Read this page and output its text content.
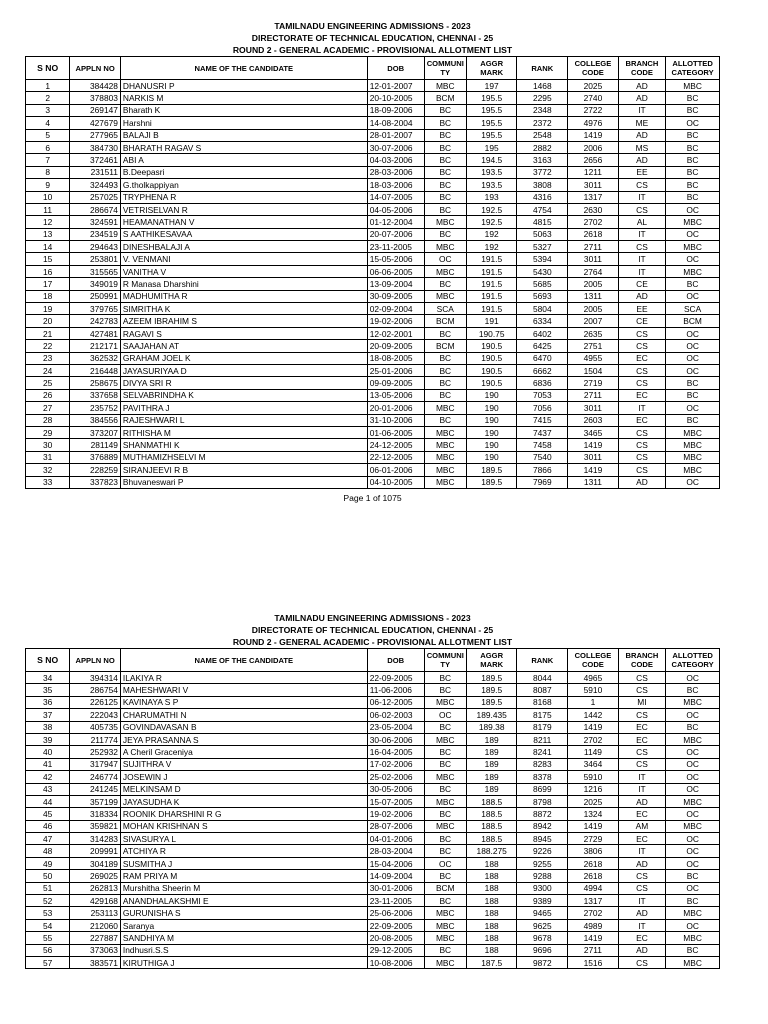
TAMILNADU ENGINEERING ADMISSIONS - 2023
DIRECTORATE OF TECHNICAL EDUCATION, CHENNAI - 25
ROUND 2 - GENERAL ACADEMIC - PROVISIONAL ALLOTMENT LIST
S NO	APPLN NO	NAME OF THE CANDIDATE	DOB	COMMUNI TY	AGGR MARK	RANK	COLLEGE CODE	BRANCH CODE	ALLOTTED CATEGORY
1	384428	DHANUSRI P	12-01-2007	MBC	197	1468	2025	AD	MBC
2	378803	NARKIS M	20-10-2005	BCM	195.5	2295	2740	AD	BC
3	269147	Bharath K	18-09-2006	BC	195.5	2348	2722	IT	BC
4	427679	Harshni	14-08-2004	BC	195.5	2372	4976	ME	OC
5	277965	BALAJI B	28-01-2007	BC	195.5	2548	1419	AD	BC
6	384730	BHARATH RAGAV S	30-07-2006	BC	195	2882	2006	MS	BC
7	372461	ABI A	04-03-2006	BC	194.5	3163	2656	AD	BC
8	231511	B.Deepasri	28-03-2006	BC	193.5	3772	1211	EE	BC
9	324493	G.tholkappiyan	18-03-2006	BC	193.5	3808	3011	CS	BC
10	257025	TRYPHENA R	14-07-2005	BC	193	4316	1317	IT	BC
11	286674	VETRISELVAN R	04-05-2006	BC	192.5	4754	2630	CS	OC
12	324591	HEAMANATHAN V	01-12-2004	MBC	192.5	4815	2702	AL	MBC
13	234519	S AATHIKESAVAA	20-07-2006	BC	192	5063	2618	IT	OC
14	294643	DINESHBALAJI A	23-11-2005	MBC	192	5327	2711	CS	MBC
15	253801	V. VENMANI	15-05-2006	OC	191.5	5394	3011	IT	OC
16	315565	VANITHA V	06-06-2005	MBC	191.5	5430	2764	IT	MBC
17	349019	R Manasa Dharshini	13-09-2004	BC	191.5	5685	2005	CE	BC
18	250991	MADHUMITHA R	30-09-2005	MBC	191.5	5693	1311	AD	OC
19	379765	SIMRITHA K	02-09-2004	SCA	191.5	5804	2005	EE	SCA
20	242783	AZEEM IBRAHIM S	19-02-2006	BCM	191	6334	2007	CE	BCM
21	427481	RAGAVI S	12-02-2001	BC	190.75	6402	2635	CS	OC
22	212171	SAAJAHAN AT	20-09-2005	BCM	190.5	6425	2751	CS	OC
23	362532	GRAHAM JOEL K	18-08-2005	BC	190.5	6470	4955	EC	OC
24	216448	JAYASURIYAA D	25-01-2006	BC	190.5	6662	1504	CS	OC
25	258675	DIVYA SRI R	09-09-2005	BC	190.5	6836	2719	CS	BC
26	337658	SELVABRINDHA K	13-05-2006	BC	190	7053	2711	EC	BC
27	235752	PAVITHRA J	20-01-2006	MBC	190	7056	3011	IT	OC
28	384556	RAJESHWARI L	31-10-2006	BC	190	7415	2603	EC	BC
29	373207	RITHISHA M	01-06-2005	MBC	190	7437	3465	CS	MBC
30	281149	SHANMATHI K	24-12-2005	MBC	190	7458	1419	CS	MBC
31	376889	MUTHAMIZHSELVI M	22-12-2005	MBC	190	7540	3011	CS	MBC
32	228259	SIRANJEEVI R B	06-01-2006	MBC	189.5	7866	1419	CS	MBC
33	337823	Bhuvaneswari P	04-10-2005	MBC	189.5	7969	1311	AD	OC
Page 1 of 1075
TAMILNADU ENGINEERING ADMISSIONS - 2023
DIRECTORATE OF TECHNICAL EDUCATION, CHENNAI - 25
ROUND 2 - GENERAL ACADEMIC - PROVISIONAL ALLOTMENT LIST
S NO	APPLN NO	NAME OF THE CANDIDATE	DOB	COMMUNI TY	AGGR MARK	RANK	COLLEGE CODE	BRANCH CODE	ALLOTTED CATEGORY
34	394314	ILAKIYA R	22-09-2005	BC	189.5	8044	4965	CS	OC
35	286754	MAHESHWARI V	11-06-2006	BC	189.5	8087	5910	CS	BC
36	226125	KAVINAYA S P	06-12-2005	MBC	189.5	8168	1	MI	MBC
37	222043	CHARUMATHI N	06-02-2003	OC	189.435	8175	1442	CS	OC
38	405735	GOVINDAVASAN B	23-05-2004	BC	189.38	8179	1419	EC	BC
39	211774	JEYA PRASANNA S	30-06-2006	MBC	189	8211	2702	EC	MBC
40	252932	A Cheril Graceniya	16-04-2005	BC	189	8241	1149	CS	OC
41	317947	SUJITHRA V	17-02-2006	BC	189	8283	3464	CS	OC
42	246774	JOSEWIN J	25-02-2006	MBC	189	8378	5910	IT	OC
43	241245	MELKINSAM D	30-05-2006	BC	189	8699	1216	IT	OC
44	357199	JAYASUDHA K	15-07-2005	MBC	188.5	8798	2025	AD	MBC
45	318334	ROONIK DHARSHINI R G	19-02-2006	BC	188.5	8872	1324	EC	OC
46	359821	MOHAN KRISHNAN S	28-07-2006	MBC	188.5	8942	1419	AM	MBC
47	314283	SIVASURYA L	04-01-2006	BC	188.5	8945	2729	EC	OC
48	209991	ATCHIYA R	28-03-2004	BC	188.275	9226	3806	IT	OC
49	304189	SUSMITHA J	15-04-2006	OC	188	9255	2618	AD	OC
50	269025	RAM PRIYA M	14-09-2004	BC	188	9288	2618	CS	BC
51	262813	Murshitha Sheerin M	30-01-2006	BCM	188	9300	4994	CS	OC
52	429168	ANANDHALAKSHMI E	23-11-2005	BC	188	9389	1317	IT	BC
53	253113	GURUNISHA S	25-06-2006	MBC	188	9465	2702	AD	MBC
54	212060	Saranya	22-09-2005	MBC	188	9625	4989	IT	OC
55	227887	SANDHIYA M	20-08-2005	MBC	188	9678	1419	EC	MBC
56	373063	Indhusri.S.S	29-12-2005	BC	188	9696	2711	AD	BC
57	383571	KIRUTHIGA J	10-08-2006	MBC	187.5	9872	1516	CS	MBC
